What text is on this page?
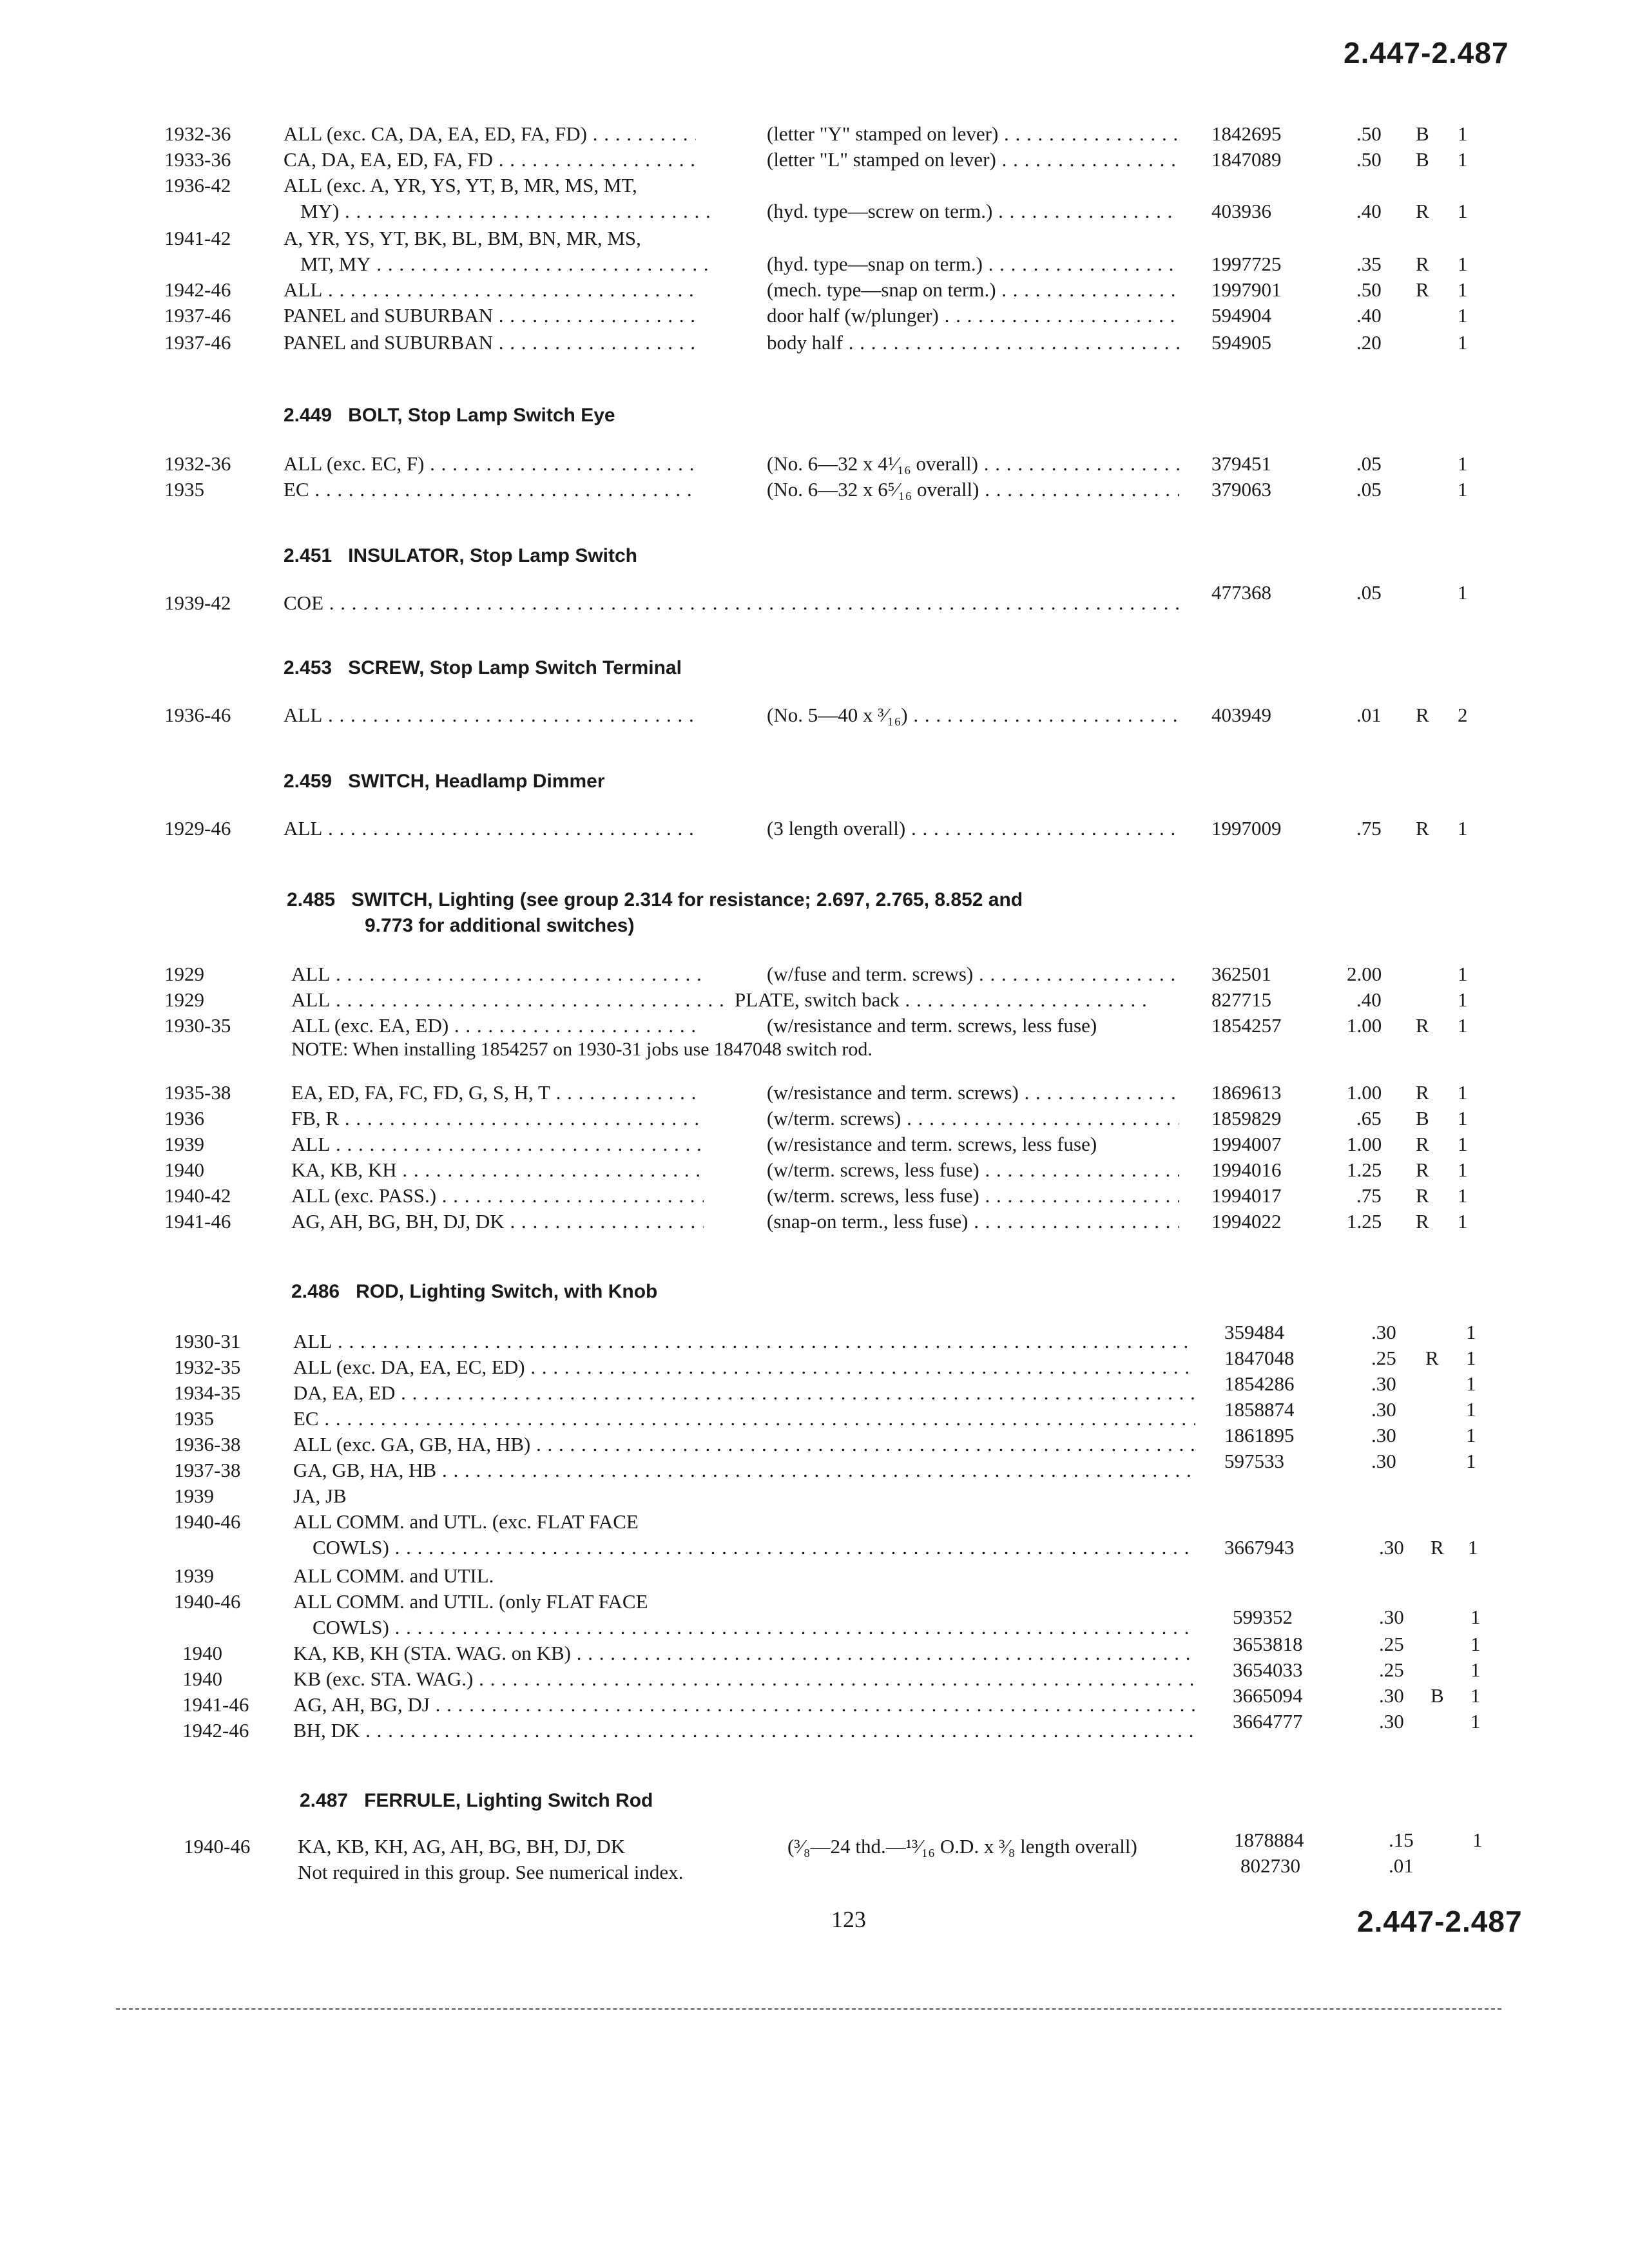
2.447-2.487
1932-36	ALL (exc. CA, DA, EA, ED, FA, FD) . . .	(letter "Y" stamped on lever) . . .	1842695	.50 B 1
1933-36	CA, DA, EA, ED, FA, FD . . .	(letter "L" stamped on lever) . . .	1847089	.50 B 1
1936-42	ALL (exc. A, YR, YS, YT, B, MR, MS, MT,
MY) . . .	(hyd. type—screw on term.) . . .	403936	.40 R 1
1941-42	A, YR, YS, YT, BK, BL, BM, BN, MR, MS,
MT, MY . . .	(hyd. type—snap on term.) . . .	1997725	.35 R 1
1942-46	ALL . . .	(mech. type—snap on term.) . . .	1997901	.50 R 1
1937-46	PANEL and SUBURBAN . . .	door half (w/plunger) . . .	594904	.40	1
1937-46	PANEL and SUBURBAN . . .	body half . . .	594905	.20	1
2.449 BOLT, Stop Lamp Switch Eye
1932-36	ALL (exc. EC, F) . . .	(No. 6—32 x 4¹⁄₁₆ overall) . . .	379451	.05	1
1935	EC . . .	(No. 6—32 x 6⁵⁄₁₆ overall) . . .	379063	.05	1
2.451 INSULATOR, Stop Lamp Switch
1939-42	COE . . .	477368	.05	1
2.453 SCREW, Stop Lamp Switch Terminal
1936-46	ALL . . .	(No. 5—40 x ³⁄₁₆) . . .	403949	.01 R 2
2.459 SWITCH, Headlamp Dimmer
1929-46	ALL . . .	(3 length overall) . . .	1997009	.75 R 1
2.485 SWITCH, Lighting (see group 2.314 for resistance; 2.697, 2.765, 8.852 and
9.773 for additional switches)
1929	ALL . . .	(w/fuse and term. screws) . . .	362501	2.00	1
1929	ALL . . .	PLATE, switch back . . .	827715	.40	1
1930-35	ALL (exc. EA, ED) . . .	(w/resistance and term. screws, less fuse)	1854257	1.00 R 1
NOTE: When installing 1854257 on 1930-31 jobs use 1847048 switch rod.
1935-38	EA, ED, FA, FC, FD, G, S, H, T . . .	(w/resistance and term. screws) . . .	1869613	1.00 R 1
1936	FB, R . . .	(w/term. screws) . . .	1859829	.65 B 1
1939	ALL . . .	(w/resistance and term. screws, less fuse)	1994007	1.00 R 1
1940	KA, KB, KH . . .	(w/term. screws, less fuse) . . .	1994016	1.25 R 1
1940-42	ALL (exc. PASS.) . . .	(w/term. screws, less fuse) . . .	1994017	.75 R 1
1941-46	AG, AH, BG, BH, DJ, DK . . .	(snap-on term., less fuse) . . .	1994022	1.25 R 1
2.486 ROD, Lighting Switch, with Knob
1930-31	ALL . . .	359484	.30	1
1932-35	ALL (exc. DA, EA, EC, ED) . . .	1847048	.25 R 1
1934-35	DA, EA, ED . . .	1854286	.30	1
1935	EC . . .	1858874	.30	1
1936-38	ALL (exc. GA, GB, HA, HB) . . .	1861895	.30	1
1937-38	GA, GB, HA, HB . . .	597533	.30	1
1939	JA, JB
1940-46	ALL COMM. and UTL. (exc. FLAT FACE
COWLS) . . .	3667943	.30 R 1
1939	ALL COMM. and UTIL.
1940-46	ALL COMM. and UTIL. (only FLAT FACE
COWLS) . . .	599352	.30	1
1940	KA, KB, KH (STA. WAG. on KB) . . .	3653818	.25	1
1940	KB (exc. STA. WAG.) . . .	3654033	.25	1
1941-46 AG, AH, BG, DJ . . .	3665094	.30 B 1
1942-46 BH, DK . . .	3664777	.30	1
2.487 FERRULE, Lighting Switch Rod
1940-46 KA, KB, KH, AG, AH, BG, BH, DJ, DK	(³⁄₈—24 thd.—¹³⁄₁₆ O.D. x ³⁄₈ length overall)	1878884	.15	1
Not required in this group. See numerical index.	802730	.01
123	2.447-2.487
